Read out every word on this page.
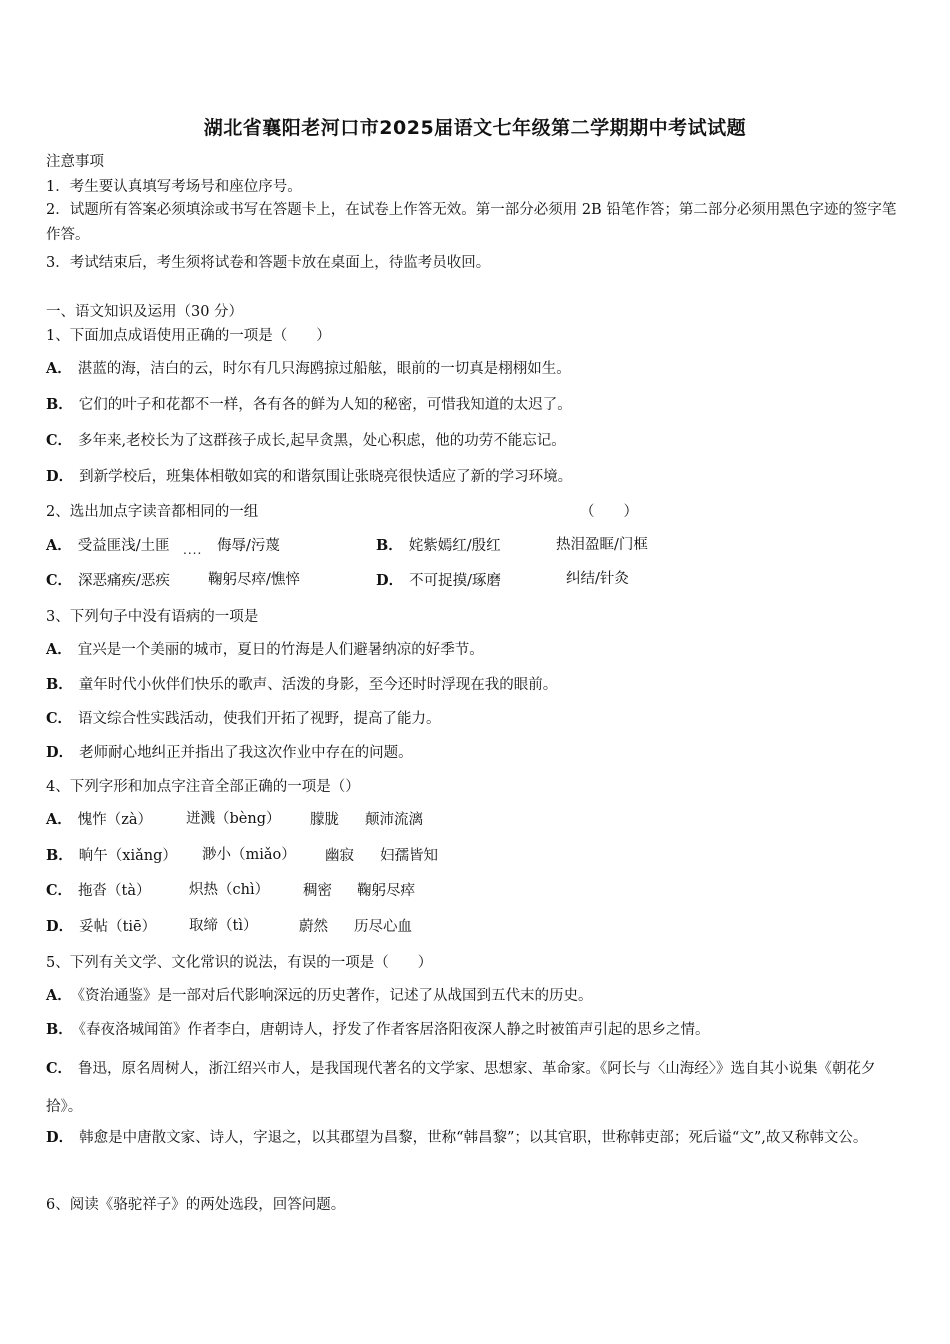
湖北省襄阳老河口市2025届语文七年级第二学期期中考试试题
注意事项
1．考生要认真填写考场号和座位序号。
2．试题所有答案必须填涂或书写在答题卡上，在试卷上作答无效。第一部分必须用 2B 铅笔作答；第二部分必须用黑色字迹的签字笔作答。
3．考试结束后，考生须将试卷和答题卡放在桌面上，待监考员收回。
一、语文知识及运用（30 分）
1、下面加点成语使用正确的一项是（　　）
A． 湛蓝的海，洁白的云，时尔有几只海鸥掠过船舷，眼前的一切真是栩栩如生。
B． 它们的叶子和花都不一样，各有各的鲜为人知的秘密，可惜我知道的太迟了。
C． 多年来,老校长为了这群孩子成长,起早贪黑，处心积虑，他的功劳不能忘记。
D． 到新学校后，班集体相敬如宾的和谐氛围让张晓亮很快适应了新的学习环境。
2、选出加点字读音都相同的一组	（　　）
A． 受益匪浅/土匪 .... 侮辱/污蔑	B． 姹紫嫣红/殷红	热泪盈眶/门框
C． 深恶痛疾/恶疾	鞠躬尽瘁/憔悴	D． 不可捉摸/琢磨	纠结/针灸
3、下列句子中没有语病的一项是
A． 宜兴是一个美丽的城市，夏日的竹海是人们避暑纳凉的好季节。
B． 童年时代小伙伴们快乐的歌声、活泼的身影，至今还时时浮现在我的眼前。
C． 语文综合性实践活动，使我们开拓了视野，提高了能力。
D． 老师耐心地纠正并指出了我这次作业中存在的问题。
4、下列字形和加点字注音全部正确的一项是（）
A． 愧怍（zà） 迸溅（bèng） 朦胧 颠沛流漓
B． 晌午（xiǎng） 渺小（miǎo） 幽寂 妇孺皆知
C． 拖沓（tà）	炽热（chì） 稠密 鞠躬尽瘁
D． 妥帖（tiē） 取缔（tì）	蔚然 历尽心血
5、下列有关文学、文化常识的说法，有误的一项是（　　）
A． 《资治通鉴》是一部对后代影响深远的历史著作，记述了从战国到五代末的历史。
B． 《春夜洛城闻笛》作者李白，唐朝诗人，抒发了作者客居洛阳夜深人静之时被笛声引起的思乡之情。
C． 鲁迅，原名周树人，浙江绍兴市人，是我国现代著名的文学家、思想家、革命家。《阿长与〈山海经〉》选自其小说集《朝花夕拾》。
D． 韩愈是中唐散文家、诗人，字退之，以其郡望为昌黎，世称“韩昌黎”；以其官职，世称韩吏部；死后谥“文”,故又称韩文公。
6、阅读《骆驼祥子》的两处选段，回答问题。
